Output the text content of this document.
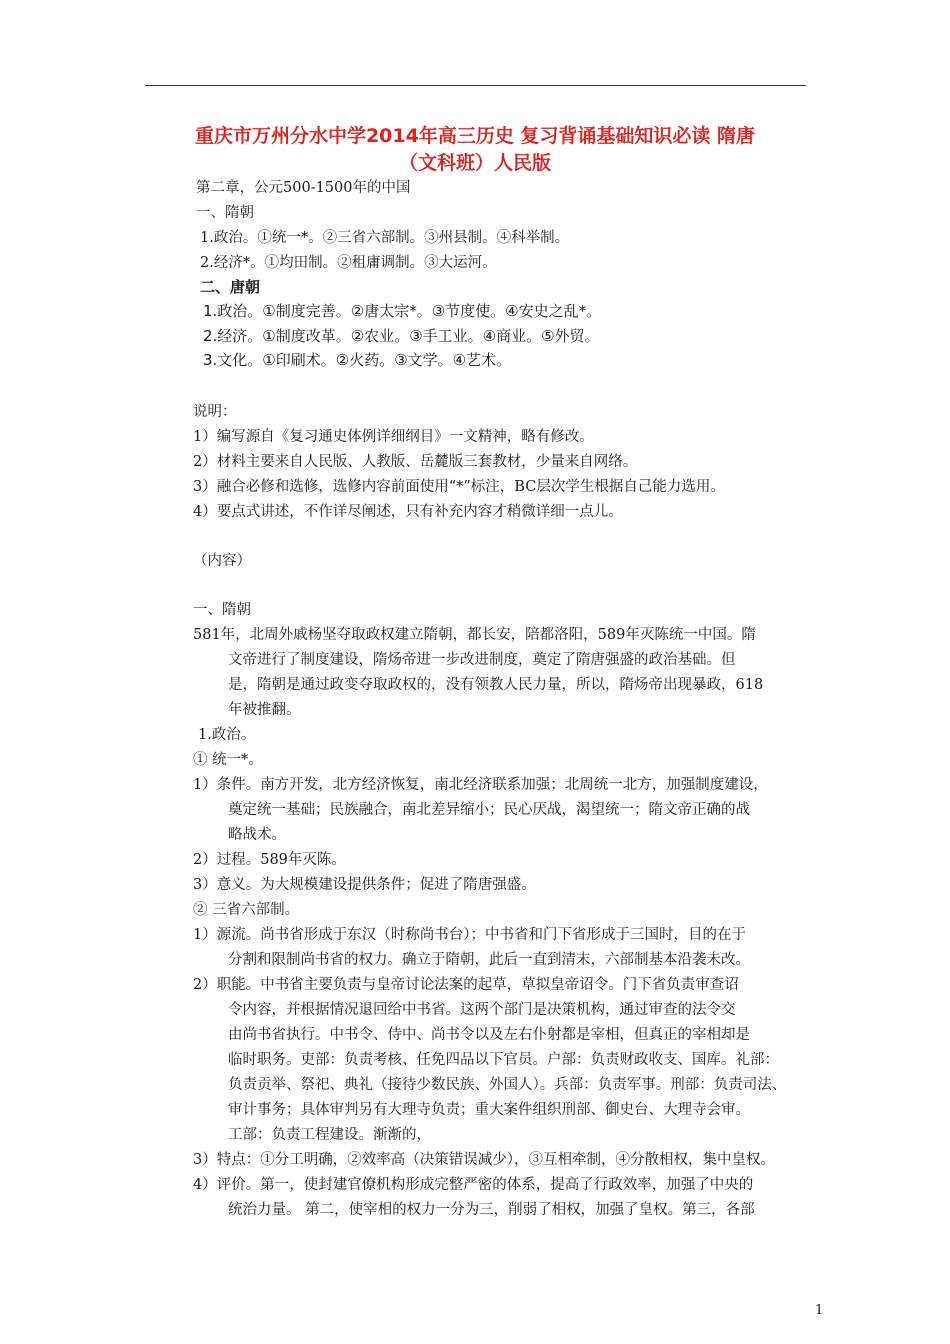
重庆市万州分水中学2014年高三历史 复习背诵基础知识必读 隋唐
（文科班）人民版
第二章，公元500-1500年的中国
一、隋朝
1.政治。①统一*。②三省六部制。③州县制。④科举制。
2.经济*。①均田制。②租庸调制。③大运河。
二、唐朝
1.政治。①制度完善。②唐太宗*。③节度使。④安史之乱*。
2.经济。①制度改革。②农业。③手工业。④商业。⑤外贸。
3.文化。①印刷术。②火药。③文学。④艺术。
说明：
1）编写源自《复习通史体例详细纲目》一文精神，略有修改。
2）材料主要来自人民版、人教版、岳麓版三套教材，少量来自网络。
3）融合必修和选修，选修内容前面使用“*”标注，BC层次学生根据自己能力选用。
4）要点式讲述，不作详尽阐述，只有补充内容才稍微详细一点儿。
（内容）
一、隋朝
581年，北周外戚杨坚夺取政权建立隋朝，都长安，陪都洛阳，589年灭陈统一中国。隋
文帝进行了制度建设，隋炀帝进一步改进制度，奠定了隋唐强盛的政治基础。但
是，隋朝是通过政变夺取政权的，没有领教人民力量，所以，隋炀帝出现暴政，618
年被推翻。
1.政治。
① 统一*。
1）条件。南方开发，北方经济恢复，南北经济联系加强；北周统一北方，加强制度建设，
奠定统一基础；民族融合，南北差异缩小；民心厌战，渴望统一；隋文帝正确的战
略战术。
2）过程。589年灭陈。
3）意义。为大规模建设提供条件；促进了隋唐强盛。
② 三省六部制。
1）源流。尚书省形成于东汉（时称尚书台）；中书省和门下省形成于三国时，目的在于
分割和限制尚书省的权力。确立于隋朝，此后一直到清末，六部制基本沿袭未改。
2）职能。中书省主要负责与皇帝讨论法案的起草，草拟皇帝诏令。门下省负责审查诏
令内容，并根据情况退回给中书省。这两个部门是决策机构，通过审查的法令交
由尚书省执行。中书令、侍中、尚书令以及左右仆射都是宰相，但真正的宰相却是
临时职务。吏部：负责考核、任免四品以下官员。户部：负责财政收支、国库。礼部：
负责贡举、祭祀、典礼（接待少数民族、外国人）。兵部：负责军事。刑部：负责司法、
审计事务；具体审判另有大理寺负责；重大案件组织刑部、御史台、大理寺会审。
工部：负责工程建设。渐渐的，
3）特点：①分工明确，②效率高（决策错误减少），③互相牵制，④分散相权，集中皇权。
4）评价。第一，使封建官僚机构形成完整严密的体系，提高了行政效率，加强了中央的
统治力量。 第二，使宰相的权力一分为三，削弱了相权，加强了皇权。第三，各部
1
